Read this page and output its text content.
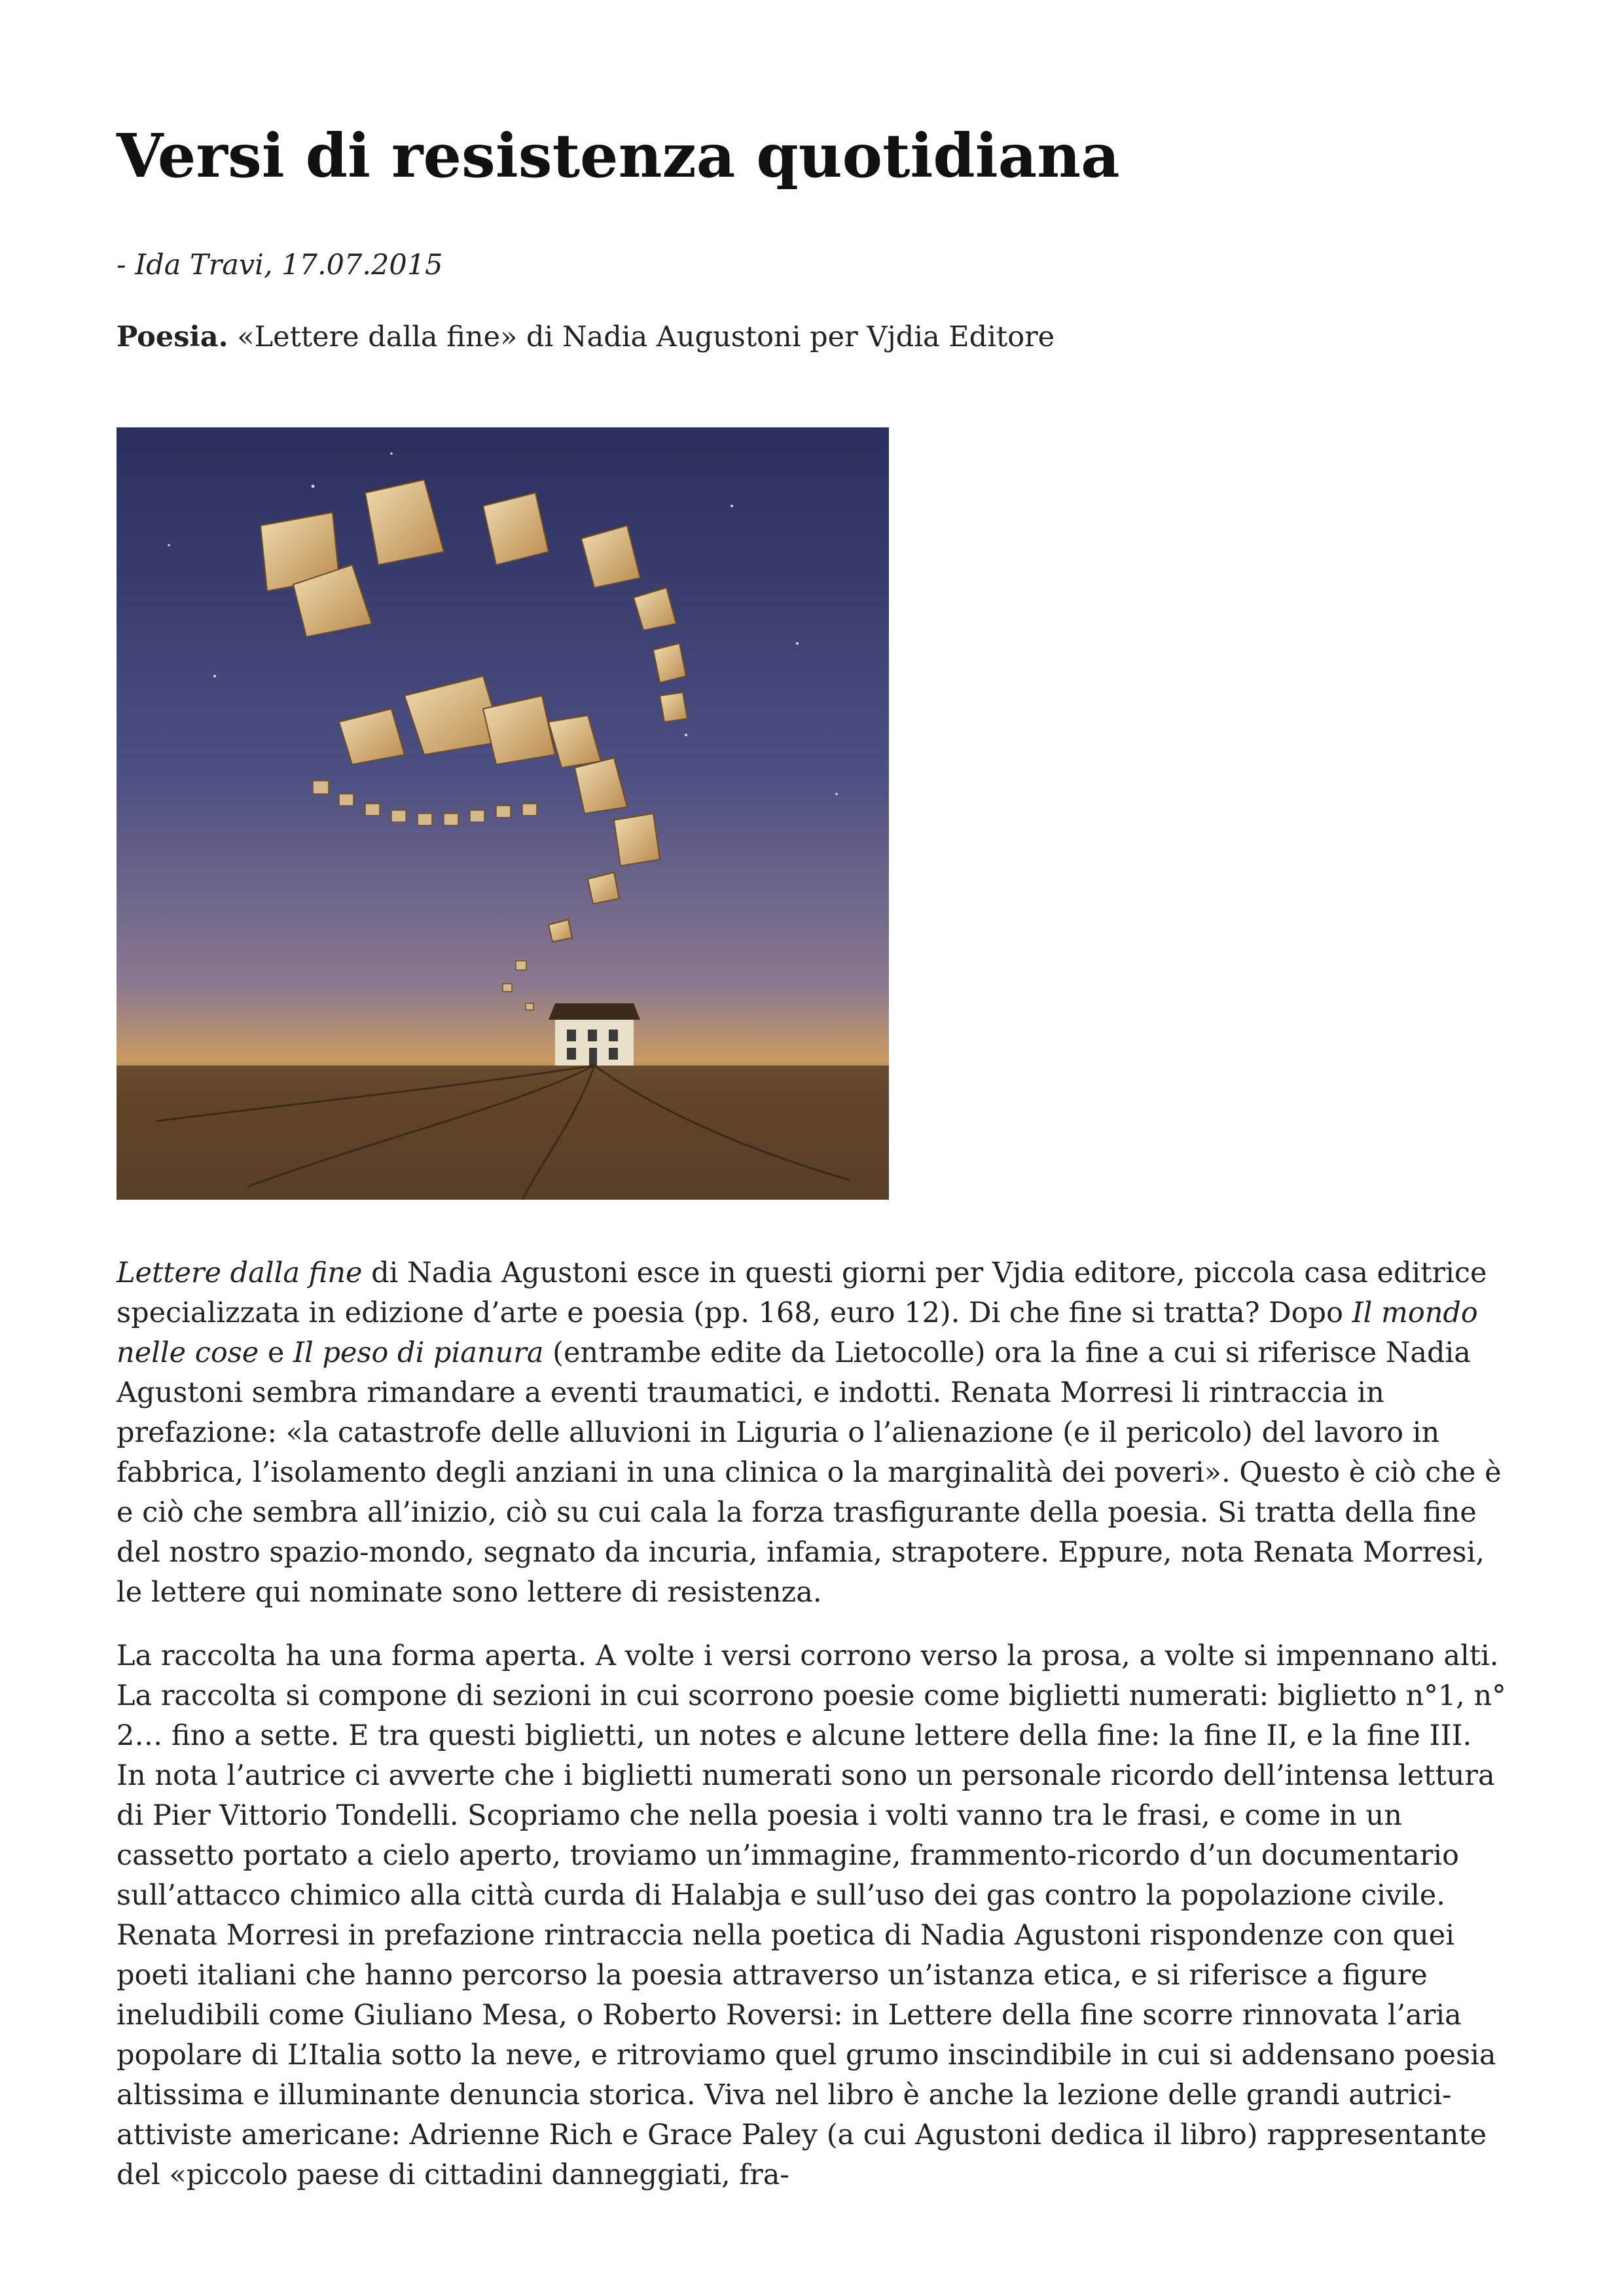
Versi di resistenza quotidiana
- Ida Travi, 17.07.2015
Poesia. «Lettere dalla fine» di Nadia Augustoni per Vjdia Editore

Lettere dalla fine di Nadia Agustoni esce in questi giorni per Vjdia editore, piccola casa editrice specializzata in edizione d’arte e poesia (pp. 168, euro 12). Di che fine si tratta? Dopo Il mondo nelle cose e Il peso di pianura (entrambe edite da Lietocolle) ora la fine a cui si riferisce Nadia Agustoni sembra rimandare a eventi traumatici, e indotti. Renata Morresi li rintraccia in prefazione: «la catastrofe delle alluvioni in Liguria o l’alienazione (e il pericolo) del lavoro in fabbrica, l’isolamento degli anziani in una clinica o la marginalità dei poveri». Questo è ciò che è e ciò che sembra all’inizio, ciò su cui cala la forza trasfigurante della poesia. Si tratta della fine del nostro spazio-mondo, segnato da incuria, infamia, strapotere. Eppure, nota Renata Morresi, le lettere qui nominate sono lettere di resistenza.

La raccolta ha una forma aperta. A volte i versi corrono verso la prosa, a volte si impennano alti. La raccolta si compone di sezioni in cui scorrono poesie come biglietti numerati: biglietto n°1, n° 2… fino a sette. E tra questi biglietti, un notes e alcune lettere della fine: la fine II, e la fine III. In nota l’autrice ci avverte che i biglietti numerati sono un personale ricordo dell’intensa lettura di Pier Vittorio Tondelli. Scopriamo che nella poesia i volti vanno tra le frasi, e come in un cassetto portato a cielo aperto, troviamo un’immagine, frammento-ricordo d’un documentario sull’attacco chimico alla città curda di Halabja e sull’uso dei gas contro la popolazione civile. Renata Morresi in prefazione rintraccia nella poetica di Nadia Agustoni rispondenze con quei poeti italiani che hanno percorso la poesia attraverso un’istanza etica, e si riferisce a figure ineludibili come Giuliano Mesa, o Roberto Roversi: in Lettere della fine scorre rinnovata l’aria popolare di L’Italia sotto la neve, e ritroviamo quel grumo inscindibile in cui si addensano poesia altissima e illuminante denuncia storica. Viva nel libro è anche la lezione delle grandi autrici-attiviste americane: Adrienne Rich e Grace Paley (a cui Agustoni dedica il libro) rappresentante del «piccolo paese di cittadini danneggiati, fra-
